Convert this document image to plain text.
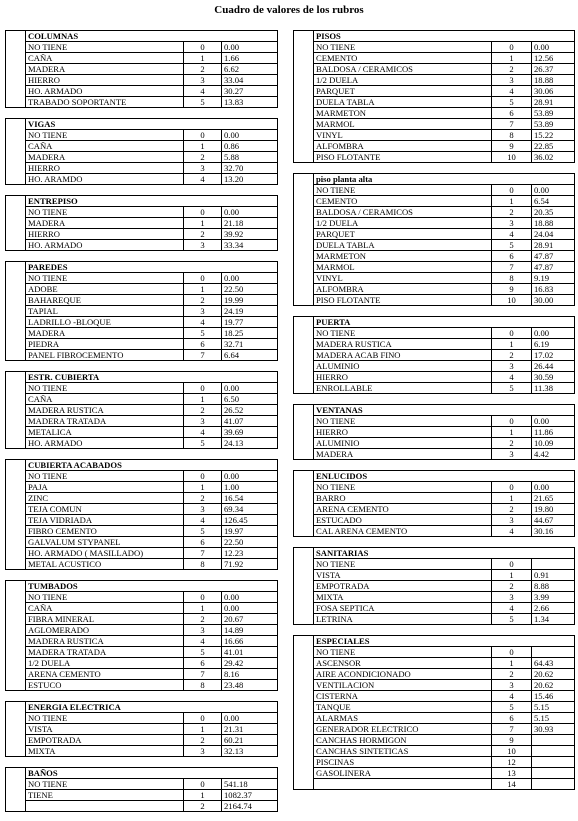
Cuadro de valores de los rubros
	COLUMNAS		
	NO TIENE	0	0.00
	CAÑA	1	1.66
	MADERA	2	6.62
	HIERRO	3	33.04
	HO. ARMADO	4	30.27
	TRABADO SOPORTANTE	5	13.83
	VIGAS		
	NO TIENE	0	0.00
	CAÑA	1	0.86
	MADERA	2	5.88
	HIERRO	3	32.70
	HO. ARAMDO	4	13.20
	ENTREPISO		
	NO TIENE	0	0.00
	MADERA	1	21.18
	HIERRO	2	39.92
	HO. ARMADO	3	33.34
	PAREDES		
	NO TIENE	0	0.00
	ADOBE	1	22.50
	BAHAREQUE	2	19.99
	TAPIAL	3	24.19
	LADRILLO -BLOQUE	4	19.77
	MADERA	5	18.25
	PIEDRA	6	32.71
	PANEL FIBROCEMENTO	7	6.64
	ESTR. CUBIERTA		
	NO TIENE	0	0.00
	CAÑA	1	6.50
	MADERA RUSTICA	2	26.52
	MADERA TRATADA	3	41.07
	METALICA	4	39.69
	HO. ARMADO	5	24.13
	CUBIERTA ACABADOS		
	NO TIENE	0	0.00
	PAJA	1	1.00
	ZINC	2	16.54
	TEJA COMUN	3	69.34
	TEJA VIDRIADA	4	126.45
	FIBRO CEMENTO	5	19.97
	GALVALUM STYPANEL	6	22.50
	HO. ARMADO ( MASILLADO)	7	12.23
	METAL ACUSTICO	8	71.92
	TUMBADOS		
	NO TIENE	0	0.00
	CAÑA	1	0.00
	FIBRA MINERAL	2	20.67
	AGLOMERADO	3	14.89
	MADERA RUSTICA	4	16.66
	MADERA TRATADA	5	41.01
	1/2 DUELA	6	29.42
	ARENA CEMENTO	7	8.16
	ESTUCO	8	23.48
	ENERGIA ELECTRICA		
	NO TIENE	0	0.00
	VISTA	1	21.31
	EMPOTRADA	2	60.21
	MIXTA	3	32.13
	BAÑOS		
	NO TIENE	0	541.18
	TIENE	1	1082.37
		2	2164.74
	PISOS		
	NO TIENE	0	0.00
	CEMENTO	1	12.56
	BALDOSA / CERAMICOS	2	26.37
	1/2 DUELA	3	18.88
	PARQUET	4	30.06
	DUELA TABLA	5	28.91
	MARMETON	6	53.89
	MARMOL	7	53.89
	VINYL	8	15.22
	ALFOMBRA	9	22.85
	PISO FLOTANTE	10	36.02
	piso planta alta		
	NO TIENE	0	0.00
	CEMENTO	1	6.54
	BALDOSA / CERAMICOS	2	20.35
	1/2 DUELA	3	18.88
	PARQUET	4	24.04
	DUELA TABLA	5	28.91
	MARMETON	6	47.87
	MARMOL	7	47.87
	VINYL	8	9.19
	ALFOMBRA	9	16.83
	PISO FLOTANTE	10	30.00
	PUERTA		
	NO TIENE	0	0.00
	MADERA RUSTICA	1	6.19
	MADERA ACAB FINO	2	17.02
	ALUMINIO	3	26.44
	HIERRO	4	30.59
	ENROLLABLE	5	11.38
	VENTANAS		
	NO TIENE	0	0.00
	HIERRO	1	11.86
	ALUMINIO	2	10.09
	MADERA	3	4.42
	ENLUCIDOS		
	NO TIENE	0	0.00
	BARRO	1	21.65
	ARENA CEMENTO	2	19.80
	ESTUCADO	3	44.67
	CAL ARENA CEMENTO	4	30.16
	SANITARIAS		
	NO TIENE	0	
	VISTA	1	0.91
	EMPOTRADA	2	8.88
	MIXTA	3	3.99
	FOSA SEPTICA	4	2.66
	LETRINA	5	1.34
	ESPECIALES		
	NO TIENE	0	
	ASCENSOR	1	64.43
	AIRE ACONDICIONADO	2	20.62
	VENTILACION	3	20.62
	CISTERNA	4	15.46
	TANQUE	5	5.15
	ALARMAS	6	5.15
	GENERADOR ELECTRICO	7	30.93
	CANCHAS HORMIGON	9	
	CANCHAS SINTETICAS	10	
	PISCINAS	12	
	GASOLINERA	13	
		14	
